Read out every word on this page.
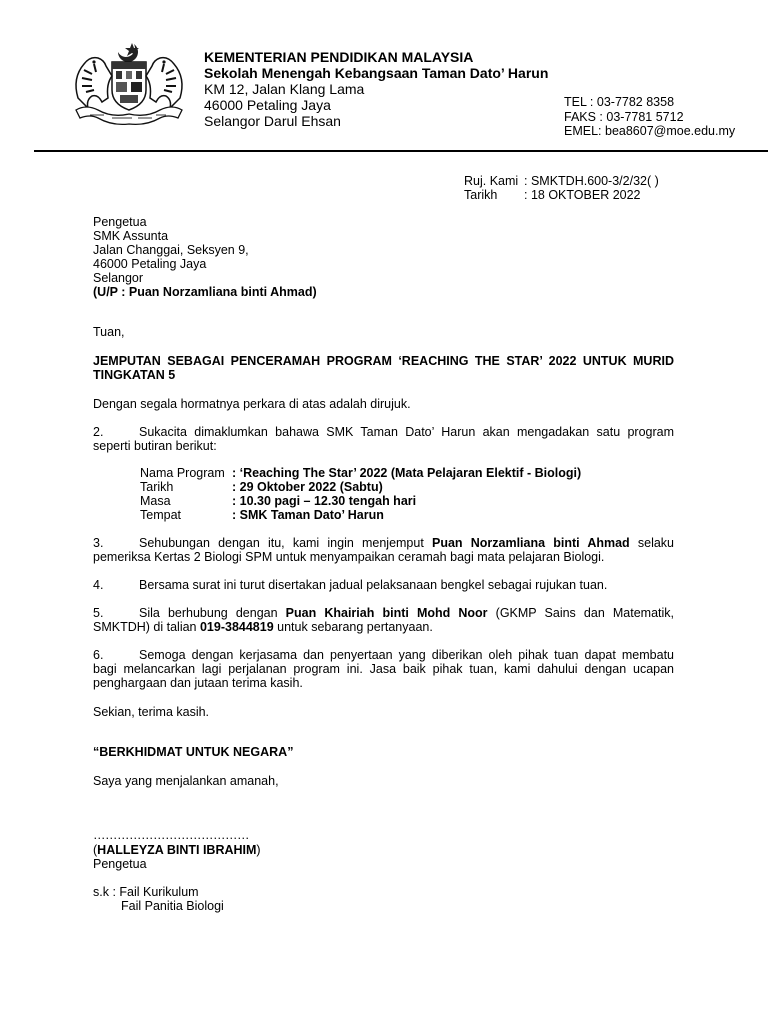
KEMENTERIAN PENDIDIKAN MALAYSIA
Sekolah Menengah Kebangsaan Taman Dato’ Harun
KM 12, Jalan Klang Lama
46000 Petaling Jaya
Selangor Darul Ehsan
TEL : 03-7782 8358
FAKS : 03-7781 5712
EMEL: bea8607@moe.edu.my
Ruj. Kami : SMKTDH.600-3/2/32( )
Tarikh : 18 OKTOBER 2022
Pengetua
SMK Assunta
Jalan Changgai, Seksyen 9,
46000 Petaling Jaya
Selangor
(U/P : Puan Norzamliana binti Ahmad)
Tuan,
JEMPUTAN SEBAGAI PENCERAMAH PROGRAM ‘REACHING THE STAR’ 2022 UNTUK MURID
TINGKATAN 5
Dengan segala hormatnya perkara di atas adalah dirujuk.
2.	Sukacita dimaklumkan bahawa SMK Taman Dato’ Harun akan mengadakan satu program
seperti butiran berikut:
Nama Program : ‘Reaching The Star’ 2022 (Mata Pelajaran Elektif - Biologi)
Tarikh	: 29 Oktober 2022 (Sabtu)
Masa	: 10.30 pagi – 12.30 tengah hari
Tempat	: SMK Taman Dato’ Harun
3.	Sehubungan dengan itu, kami ingin menjemput Puan Norzamliana binti Ahmad selaku
pemeriksa Kertas 2 Biologi SPM untuk menyampaikan ceramah bagi mata pelajaran Biologi.
4.	Bersama surat ini turut disertakan jadual pelaksanaan bengkel sebagai rujukan tuan.
5.	Sila berhubung dengan Puan Khairiah binti Mohd Noor (GKMP Sains dan Matematik,
SMKTDH) di talian 019-3844819 untuk sebarang pertanyaan.
6.	Semoga dengan kerjasama dan penyertaan yang diberikan oleh pihak tuan dapat membatu
bagi melancarkan lagi perjalanan program ini. Jasa baik pihak tuan, kami dahului dengan ucapan
penghargaan dan jutaan terima kasih.
Sekian, terima kasih.
“BERKHIDMAT UNTUK NEGARA”
Saya yang menjalankan amanah,
…………………………………
(HALLEYZA BINTI IBRAHIM)
Pengetua
s.k : Fail Kurikulum
Fail Panitia Biologi
